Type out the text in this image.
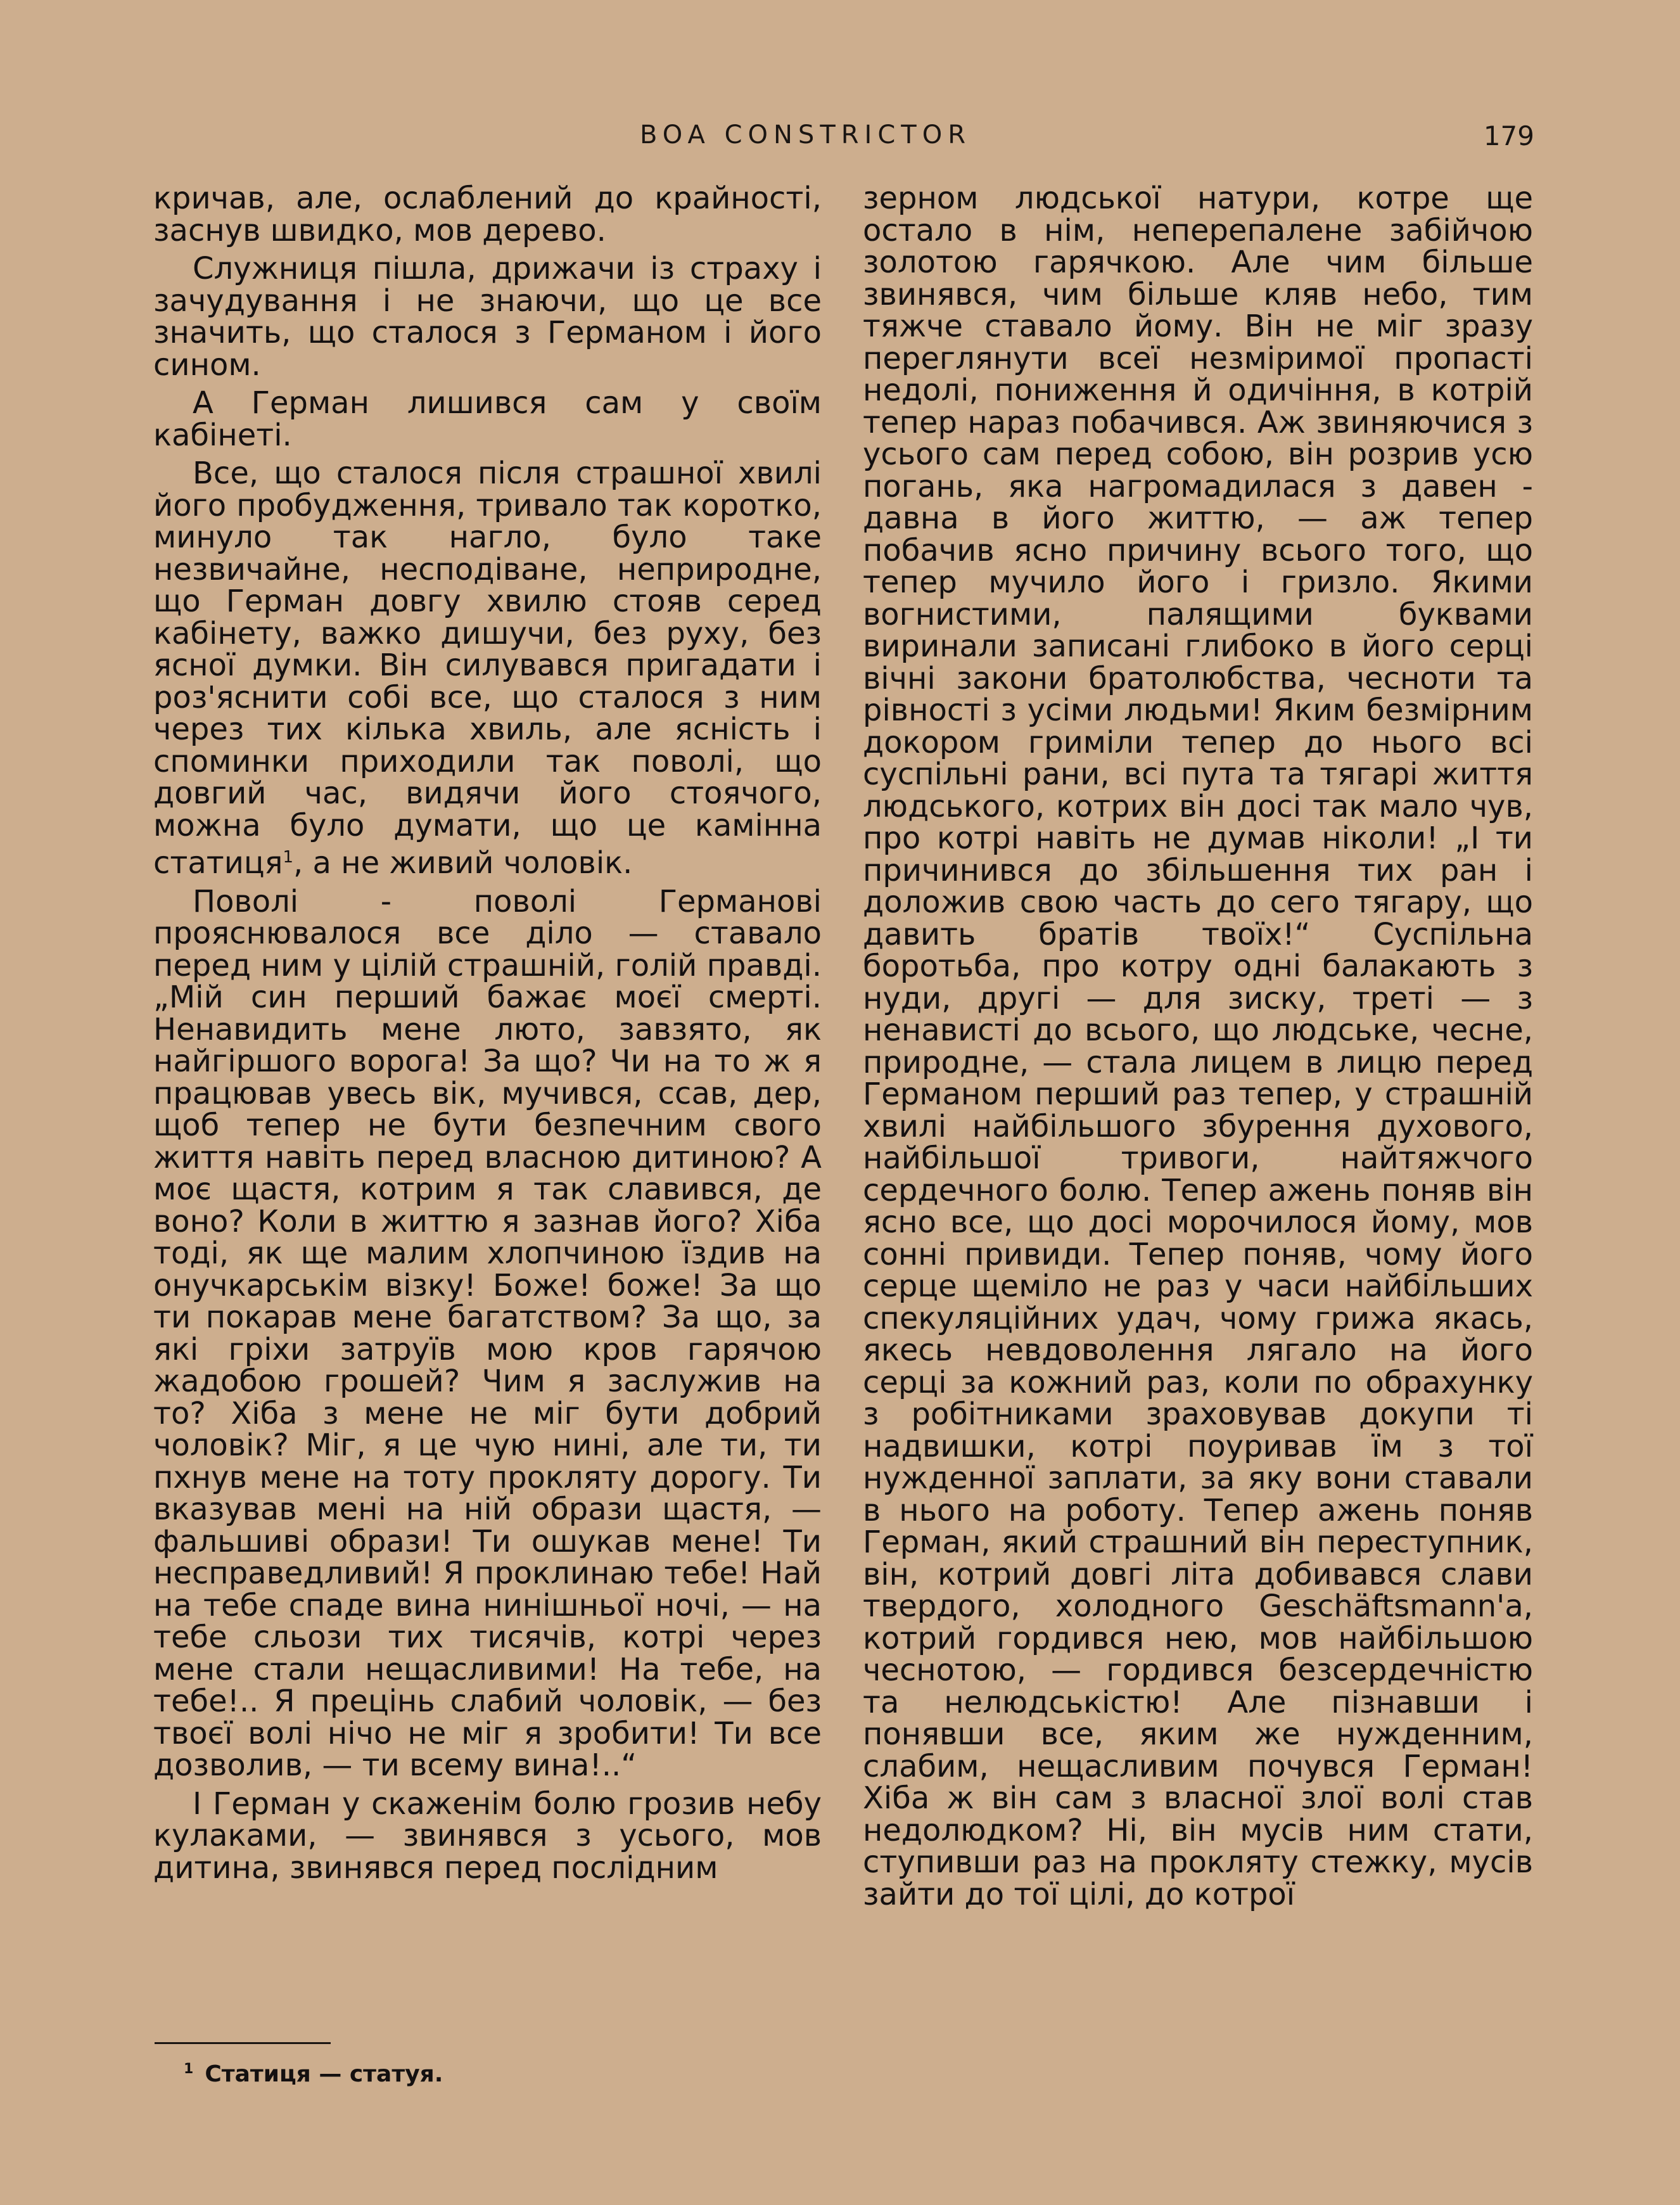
BOA CONSTRICTOR	179

кричав, але, ослаблений до крайності, заснув швидко, мов дерево.

Служниця пішла, дрижачи із страху і зачудування і не знаючи, що це все значить, що сталося з Германом і його сином.

А Герман лишився сам у своїм кабінеті.

Все, що сталося після страшної хвилі його пробудження, тривало так коротко, минуло так нагло, було таке незвичайне, несподіване, неприродне, що Герман довгу хвилю стояв серед кабінету, важко дишучи, без руху, без ясної думки. Він силувався пригадати і роз'яснити собі все, що сталося з ним через тих кілька хвиль, але ясність і споминки приходили так поволі, що довгий час, видячи його стоячого, можна було думати, що це камінна статиця$^1$, а не живий чоловік.

Поволі - поволі Германові прояснювалося все діло — ставало перед ним у цілій страшній, голій правді. „Мій син перший бажає моєї смерті. Ненавидить мене люто, завзято, як найгіршого ворога! За що? Чи на то ж я працював увесь вік, мучився, ссав, дер, щоб тепер не бути безпечним свого життя навіть перед власною дитиною? А моє щастя, котрим я так славився, де воно? Коли в життю я зазнав його? Хіба тоді, як ще малим хлопчиною їздив на онучкарськім візку! Боже! боже! За що ти покарав мене багатством? За що, за які гріхи затруїв мою кров гарячою жадобою грошей? Чим я заслужив на то? Хіба з мене не міг бути добрий чоловік? Міг, я це чую нині, але ти, ти пхнув мене на тоту прокляту дорогу. Ти вказував мені на ній образи щастя, — фальшиві образи! Ти ошукав мене! Ти несправедливий! Я проклинаю тебе! Най на тебе спаде вина нинішньої ночі, — на тебе сльози тих тисячів, котрі через мене стали нещасливими! На тебе, на тебе!.. Я прецінь слабий чоловік, — без твоєї волі нічо не міг я зробити! Ти все дозволив, — ти всему вина!..“

І Герман у скаженім болю грозив небу кулаками, — звинявся з усього, мов дитина, звинявся перед послідним

зерном людської натури, котре ще остало в нім, неперепалене забійчою золотою гарячкою. Але чим більше звинявся, чим більше кляв небо, тим тяжче ставало йому. Він не міг зразу переглянути всеї незміримої пропасті недолі, пониження й одичіння, в котрій тепер нараз побачився. Аж звиняючися з усього сам перед собою, він розрив усю погань, яка нагромадилася з давен - давна в його життю, — аж тепер побачив ясно причину всього того, що тепер мучило його і гризло. Якими вогнистими, палящими буквами виринали записані глибоко в його серці вічні закони братолюбства, чесноти та рівності з усіми людьми! Яким безмірним докором гриміли тепер до нього всі суспільні рани, всі пута та тягарі життя людського, котрих він досі так мало чув, про котрі навіть не думав ніколи! „І ти причинився до збільшення тих ран і доложив свою часть до сего тягару, що давить братів твоїх!“ Суспільна боротьба, про котру одні балакають з нуди, другі — для зиску, треті — з ненависті до всього, що людське, чесне, природне, — стала лицем в лицю перед Германом перший раз тепер, у страшній хвилі найбільшого збурення духового, найбільшої тривоги, найтяжчого сердечного болю. Тепер ажень поняв він ясно все, що досі морочилося йому, мов сонні привиди. Тепер поняв, чому його серце щеміло не раз у часи найбільших спекуляційних удач, чому грижа якась, якесь невдоволення лягало на його серці за кожний раз, коли по обрахунку з робітниками зраховував докупи ті надвишки, котрі поуривав їм з тої нужденної заплати, за яку вони ставали в нього на роботу. Тепер ажень поняв Герман, який страшний він переступник, він, котрий довгі літа добивався слави твердого, холодного Geschäftsmann'а, котрий гордився нею, мов найбільшою чеснотою, — гордився безсердечністю та нелюдськістю! Але пізнавши і понявши все, яким же нужденним, слабим, нещасливим почувся Герман! Хіба ж він сам з власної злої волі став недолюдком? Ні, він мусів ним стати, ступивши раз на прокляту стежку, мусів зайти до тої цілі, до котрої

$^1$ Статиця — статуя.
